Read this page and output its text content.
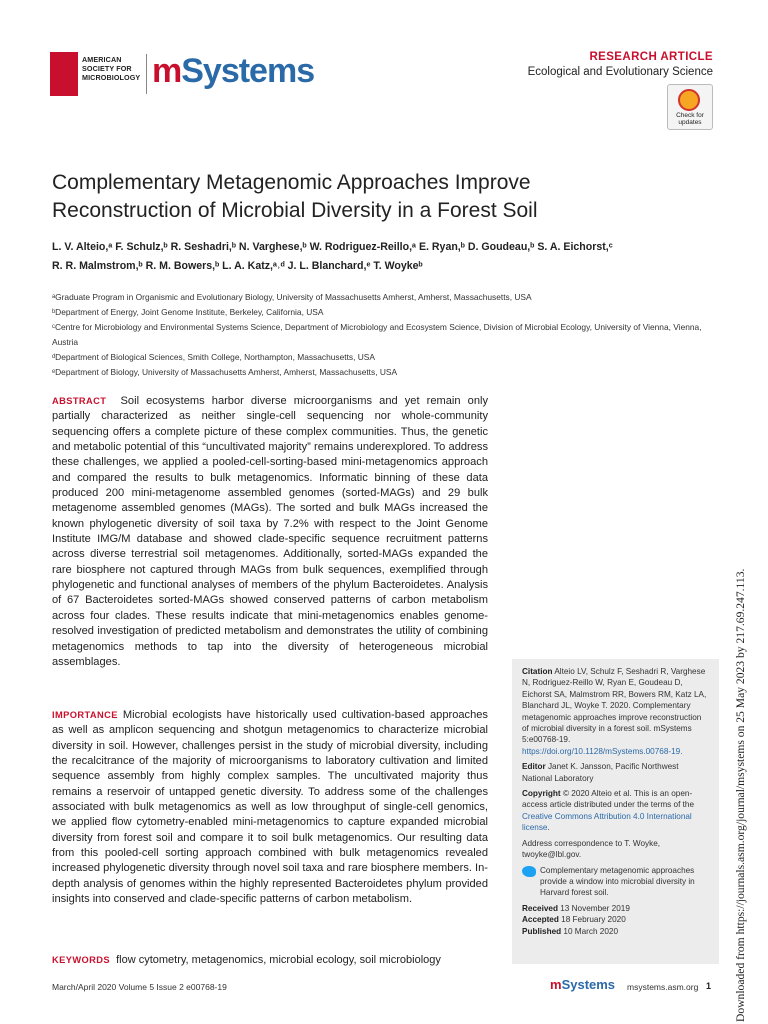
AMERICAN
SOCIETY FOR
MICROBIOLOGY mSystems	RESEARCH ARTICLE
Ecological and Evolutionary Science
Check for updates
Complementary Metagenomic Approaches Improve Reconstruction of Microbial Diversity in a Forest Soil
L. V. Alteio,ᵃ F. Schulz,ᵇ R. Seshadri,ᵇ N. Varghese,ᵇ W. Rodriguez-Reillo,ᵃ E. Ryan,ᵇ D. Goudeau,ᵇ S. A. Eichorst,ᶜ
R. R. Malmstrom,ᵇ R. M. Bowers,ᵇ L. A. Katz,ᵃ˒ᵈ J. L. Blanchard,ᵉ T. Woykeᵇ
ᵃGraduate Program in Organismic and Evolutionary Biology, University of Massachusetts Amherst, Amherst, Massachusetts, USA
ᵇDepartment of Energy, Joint Genome Institute, Berkeley, California, USA
ᶜCentre for Microbiology and Environmental Systems Science, Department of Microbiology and Ecosystem Science, Division of Microbial Ecology, University of Vienna, Vienna, Austria
ᵈDepartment of Biological Sciences, Smith College, Northampton, Massachusetts, USA
ᵉDepartment of Biology, University of Massachusetts Amherst, Amherst, Massachusetts, USA
ABSTRACT Soil ecosystems harbor diverse microorganisms and yet remain only partially characterized as neither single-cell sequencing nor whole-community sequencing offers a complete picture of these complex communities. Thus, the genetic and metabolic potential of this “uncultivated majority” remains underexplored. To address these challenges, we applied a pooled-cell-sorting-based mini-metagenomics approach and compared the results to bulk metagenomics. Informatic binning of these data produced 200 mini-metagenome assembled genomes (sorted-MAGs) and 29 bulk metagenome assembled genomes (MAGs). The sorted and bulk MAGs increased the known phylogenetic diversity of soil taxa by 7.2% with respect to the Joint Genome Institute IMG/M database and showed clade-specific sequence recruitment patterns across diverse terrestrial soil metagenomes. Additionally, sorted-MAGs expanded the rare biosphere not captured through MAGs from bulk sequences, exemplified through phylogenetic and functional analyses of members of the phylum Bacteroidetes. Analysis of 67 Bacteroidetes sorted-MAGs showed conserved patterns of carbon metabolism across four clades. These results indicate that mini-metagenomics enables genome-resolved investigation of predicted metabolism and demonstrates the utility of combining metagenomics methods to tap into the diversity of heterogeneous microbial assemblages.
IMPORTANCE Microbial ecologists have historically used cultivation-based approaches as well as amplicon sequencing and shotgun metagenomics to characterize microbial diversity in soil. However, challenges persist in the study of microbial diversity, including the recalcitrance of the majority of microorganisms to laboratory cultivation and limited sequence assembly from highly complex samples. The uncultivated majority thus remains a reservoir of untapped genetic diversity. To address some of the challenges associated with bulk metagenomics as well as low throughput of single-cell genomics, we applied flow cytometry-enabled mini-metagenomics to capture expanded microbial diversity from forest soil and compare it to soil bulk metagenomics. Our resulting data from this pooled-cell sorting approach combined with bulk metagenomics revealed increased phylogenetic diversity through novel soil taxa and rare biosphere members. In-depth analysis of genomes within the highly represented Bacteroidetes phylum provided insights into conserved and clade-specific patterns of carbon metabolism.
KEYWORDS flow cytometry, metagenomics, microbial ecology, soil microbiology

Citation Alteio LV, Schulz F, Seshadri R, Varghese N, Rodriguez-Reillo W, Ryan E, Goudeau D, Eichorst SA, Malmstrom RR, Bowers RM, Katz LA, Blanchard JL, Woyke T. 2020. Complementary metagenomic approaches improve reconstruction of microbial diversity in a forest soil. mSystems 5:e00768-19. https://doi.org/10.1128/mSystems.00768-19.

Editor Janet K. Jansson, Pacific Northwest National Laboratory

Copyright © 2020 Alteio et al. This is an open-access article distributed under the terms of the Creative Commons Attribution 4.0 International license.

Address correspondence to T. Woyke, twoyke@lbl.gov.

Complementary metagenomic approaches provide a window into microbial diversity in Harvard forest soil.

Received 13 November 2019
Accepted 18 February 2020
Published 10 March 2020	Downloaded from https://journals.asm.org/journal/msystems on 25 May 2023 by 217.69.247.113.
March/April 2020 Volume 5 Issue 2 e00768-19	mSystems msystems.asm.org 1
